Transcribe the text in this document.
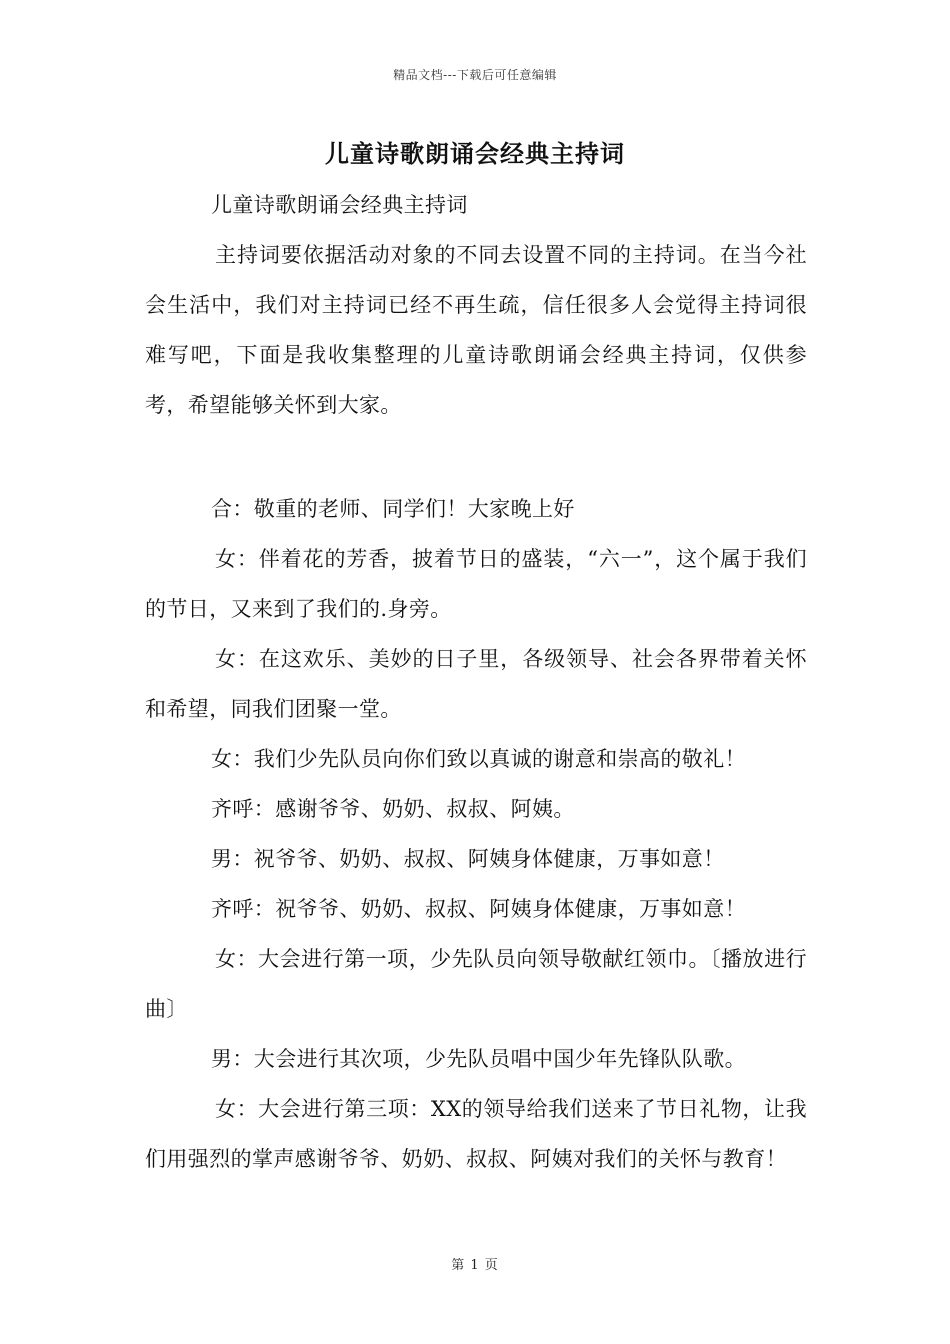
精品文档---下载后可任意编辑
儿童诗歌朗诵会经典主持词

儿童诗歌朗诵会经典主持词

主持词要依据活动对象的不同去设置不同的主持词。在当今社会生活中，我们对主持词已经不再生疏，信任很多人会觉得主持词很难写吧，下面是我收集整理的儿童诗歌朗诵会经典主持词，仅供参考，希望能够关怀到大家。

合：敬重的老师、同学们！大家晚上好

女：伴着花的芳香，披着节日的盛装，“六一”，这个属于我们的节日，又来到了我们的.身旁。

女：在这欢乐、美妙的日子里，各级领导、社会各界带着关怀和希望，同我们团聚一堂。

女：我们少先队员向你们致以真诚的谢意和崇高的敬礼！

齐呼：感谢爷爷、奶奶、叔叔、阿姨。

男：祝爷爷、奶奶、叔叔、阿姨身体健康，万事如意！

齐呼：祝爷爷、奶奶、叔叔、阿姨身体健康，万事如意！

女：大会进行第一项，少先队员向领导敬献红领巾。〔播放进行曲〕

男：大会进行其次项，少先队员唱中国少年先锋队队歌。

女：大会进行第三项：XX的领导给我们送来了节日礼物，让我们用强烈的掌声感谢爷爷、奶奶、叔叔、阿姨对我们的关怀与教育！

第 1 页
